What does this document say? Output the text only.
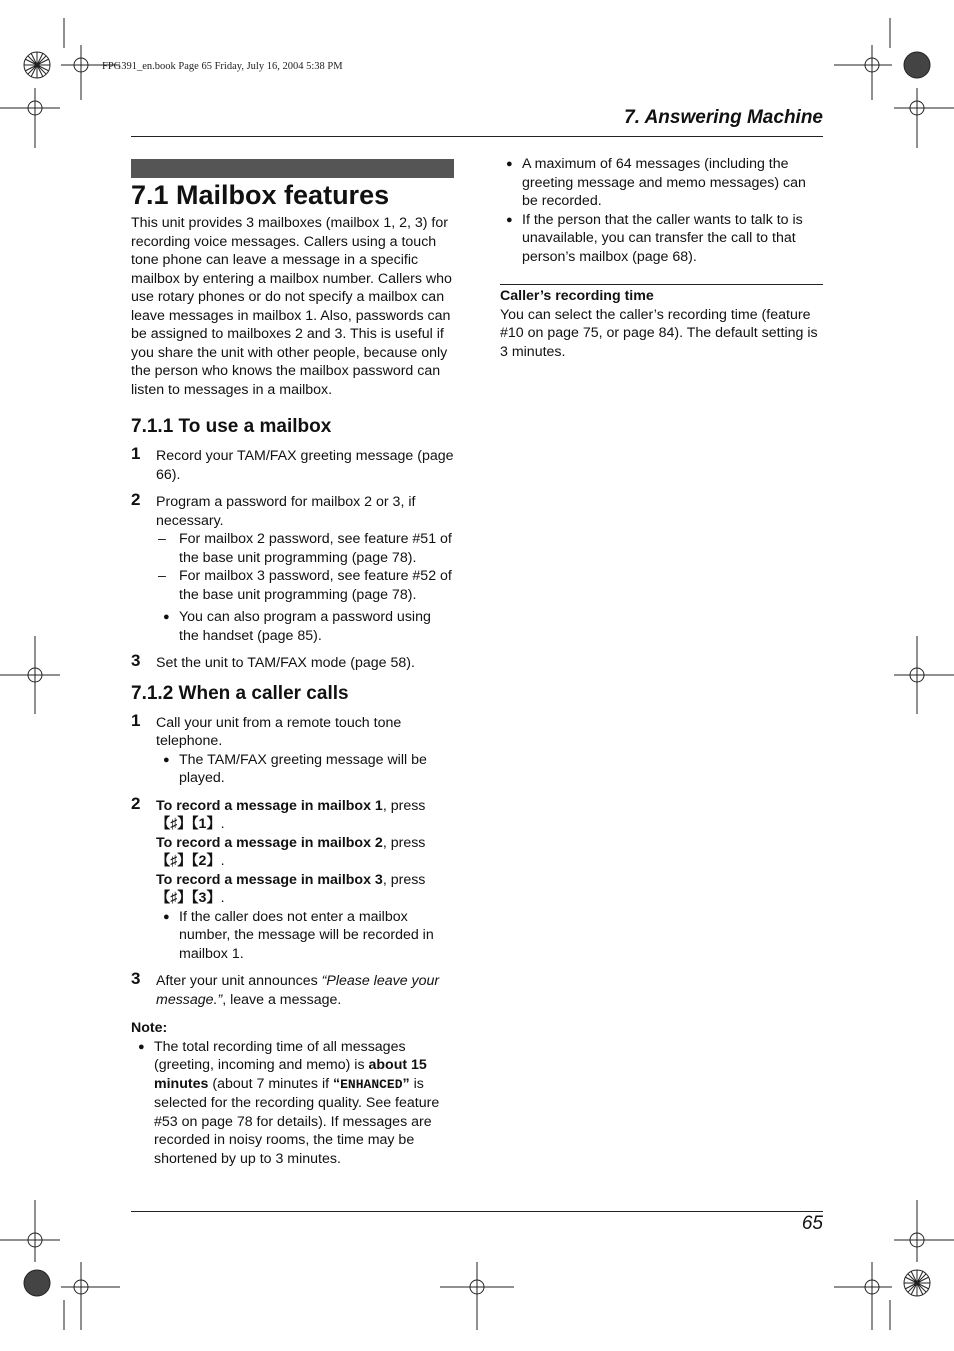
FPG391_en.book Page 65 Friday, July 16, 2004 5:38 PM
7. Answering Machine
7.1 Mailbox features

This unit provides 3 mailboxes (mailbox 1, 2, 3) for recording voice messages. Callers using a touch tone phone can leave a message in a specific mailbox by entering a mailbox number. Callers who use rotary phones or do not specify a mailbox can leave messages in mailbox 1. Also, passwords can be assigned to mailboxes 2 and 3. This is useful if you share the unit with other people, because only the person who knows the mailbox password can listen to messages in a mailbox.

7.1.1 To use a mailbox
1 Record your TAM/FAX greeting message (page 66).

2 Program a password for mailbox 2 or 3, if necessary.

– For mailbox 2 password, see feature #51 of the base unit programming (page 78).

– For mailbox 3 password, see feature #52 of the base unit programming (page 78).

● You can also program a password using the handset (page 85).

3 Set the unit to TAM/FAX mode (page 58).

7.1.2 When a caller calls
1 Call your unit from a remote touch tone telephone.

● The TAM/FAX greeting message will be played.

2 To record a message in mailbox 1, press
【♯】【1】.

To record a message in mailbox 2, press
【♯】【2】.

To record a message in mailbox 3, press
【♯】【3】.

● If the caller does not enter a mailbox number, the message will be recorded in mailbox 1.

3 After your unit announces “Please leave your message.”, leave a message.

Note:

● The total recording time of all messages (greeting, incoming and memo) is about 15 minutes (about 7 minutes if “ENHANCED” is selected for the recording quality. See feature #53 on page 78 for details). If messages are recorded in noisy rooms, the time may be shortened by up to 3 minutes.

● A maximum of 64 messages (including the greeting message and memo messages) can be recorded.

● If the person that the caller wants to talk to is unavailable, you can transfer the call to that person’s mailbox (page 68).

Caller’s recording time

You can select the caller’s recording time (feature #10 on page 75, or page 84). The default setting is 3 minutes.

65
